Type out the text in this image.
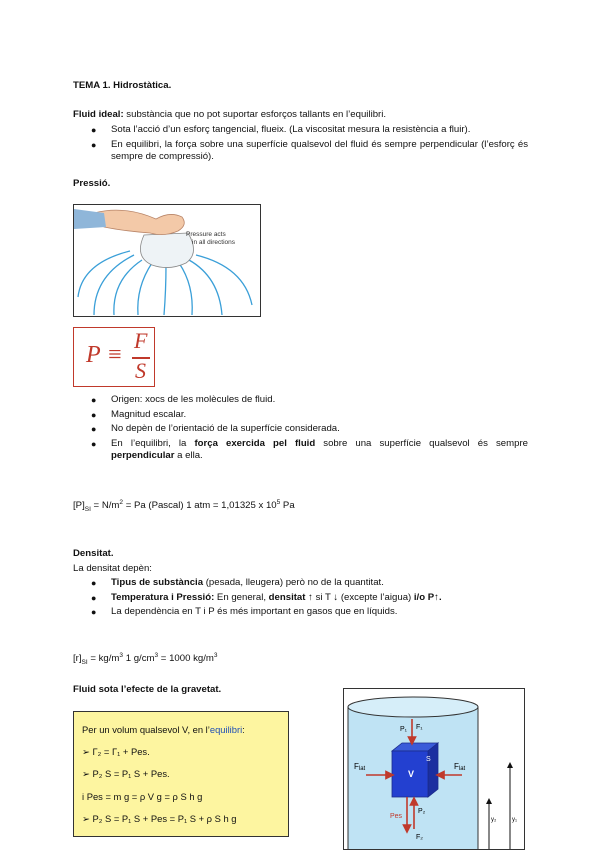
TEMA 1. Hidrostàtica.
Fluid ideal: substància que no pot suportar esforços tallants en l’equilibri.
● Sota l’acció d’un esforç tangencial, flueix. (La viscositat mesura la resistència a fluir).
● En equilibri, la força sobre una superfície qualsevol del fluid és sempre perpendicular (l’esforç és sempre de compressió).
Pressió.
Pressure acts
in all directions
P ≡
F
S
● Origen: xocs de les molècules de fluid.
● Magnitud escalar.
● No depèn de l’orientació de la superfície considerada.
● En l’equilibri, la força exercida pel fluid sobre una superfície qualsevol és sempre perpendicular a ella.
$[P]_{SI} = N/m^2 = Pa$ (Pascal) 1 atm = 1,01325 x $10^5$ Pa
Densitat.
La densitat depèn:
● Tipus de substància (pesada, lleugera) però no de la quantitat.
● Temperatura i Pressió: En general, densitat ↑ si T ↓ (excepte l’aigua) i/o P↑.
● La dependència en T i P és més important en gasos que en líquids.
$[r]_{SI} = kg/m^3$ 1 $g/cm^3 = 1000$ $kg/m^3$
Fluid sota l’efecte de la gravetat.
Per un volum qualsevol V, en l’equilibri:
➢ Γ₂ = Γ₁ + Pes.
➢ P₂ S = P₁ S + Pes.
i Pes = m g = ρ V g = ρ S h g
➢ P₂ S = P₁ S + Pes = P₁ S + ρ S h g
V
S
P₁ F₁
P₂
F₂
Pes
Flat	Flat
y₂	y₁
